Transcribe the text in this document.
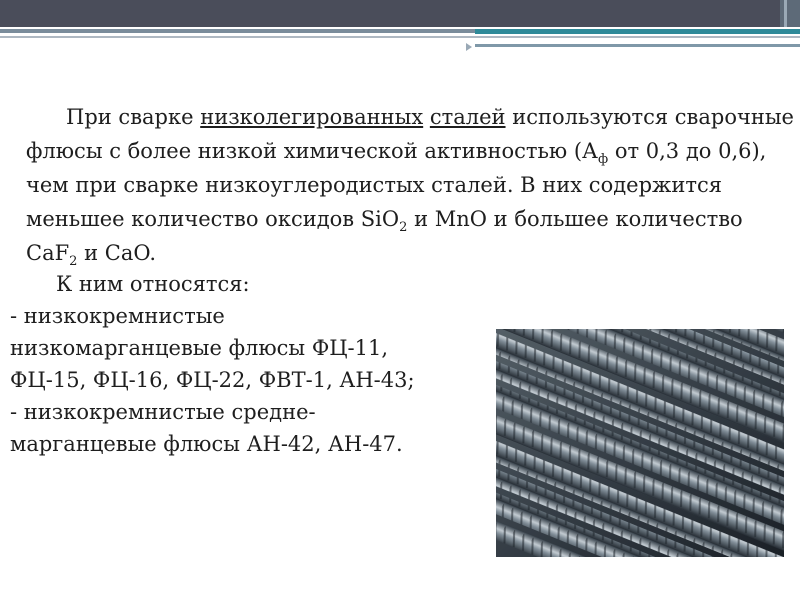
При сварке низколегированных сталей используются сварочные флюсы с более низкой химической активностью ($А_ф$ от 0,3 до 0,6), чем при сварке низкоуглеродистых сталей. В них содержится меньшее количество оксидов SiO$_2$ и MnO и большее количество CaF$_2$ и CaO.

К ним относятся:
- низкокремнистые
низкомарганцевые флюсы ФЦ-11,
ФЦ-15, ФЦ-16, ФЦ-22, ФВТ-1, АН-43;
- низкокремнистые средне-
марганцевые флюсы АН-42, АН-47.
